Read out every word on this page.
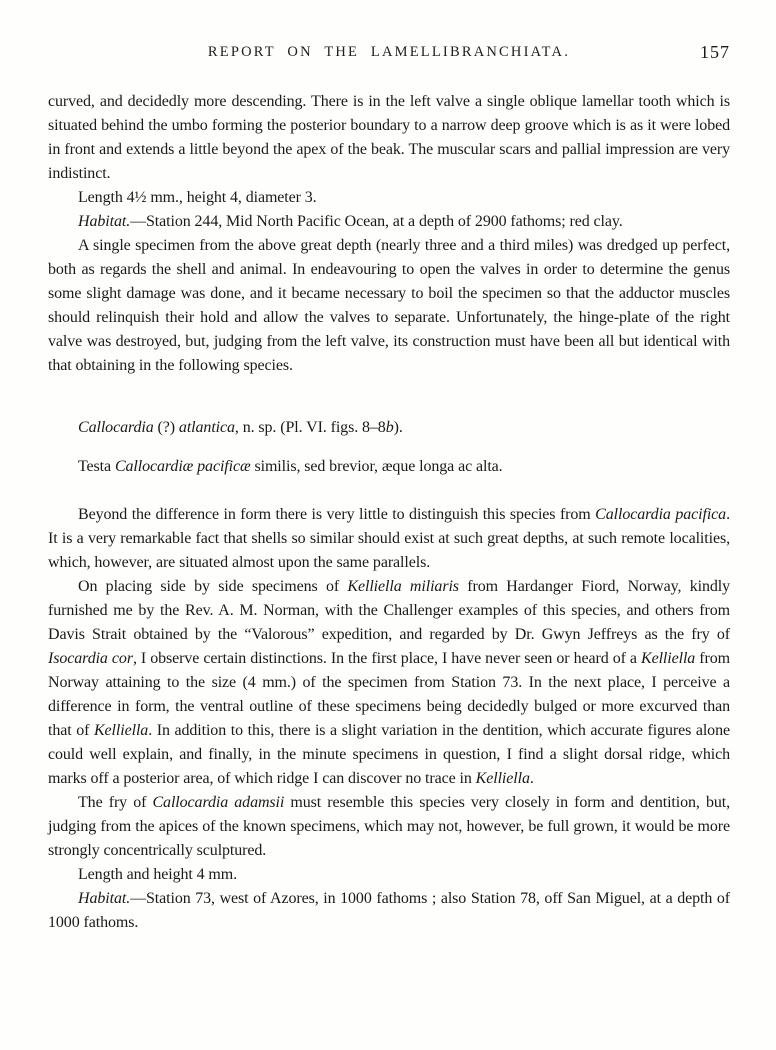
REPORT ON THE LAMELLIBRANCHIATA.	157

curved, and decidedly more descending. There is in the left valve a single oblique lamellar tooth which is situated behind the umbo forming the posterior boundary to a narrow deep groove which is as it were lobed in front and extends a little beyond the apex of the beak. The muscular scars and pallial impression are very indistinct.

Length 4½ mm., height 4, diameter 3.

Habitat.—Station 244, Mid North Pacific Ocean, at a depth of 2900 fathoms; red clay.

A single specimen from the above great depth (nearly three and a third miles) was dredged up perfect, both as regards the shell and animal. In endeavouring to open the valves in order to determine the genus some slight damage was done, and it became necessary to boil the specimen so that the adductor muscles should relinquish their hold and allow the valves to separate. Unfortunately, the hinge-plate of the right valve was destroyed, but, judging from the left valve, its construction must have been all but identical with that obtaining in the following species.

Callocardia (?) atlantica, n. sp. (Pl. VI. figs. 8–8b).

Testa Callocardiæ pacificæ similis, sed brevior, æque longa ac alta.

Beyond the difference in form there is very little to distinguish this species from Callocardia pacifica. It is a very remarkable fact that shells so similar should exist at such great depths, at such remote localities, which, however, are situated almost upon the same parallels.

On placing side by side specimens of Kelliella miliaris from Hardanger Fiord, Norway, kindly furnished me by the Rev. A. M. Norman, with the Challenger examples of this species, and others from Davis Strait obtained by the “Valorous” expedition, and regarded by Dr. Gwyn Jeffreys as the fry of Isocardia cor, I observe certain distinctions. In the first place, I have never seen or heard of a Kelliella from Norway attaining to the size (4 mm.) of the specimen from Station 73. In the next place, I perceive a difference in form, the ventral outline of these specimens being decidedly bulged or more excurved than that of Kelliella. In addition to this, there is a slight variation in the dentition, which accurate figures alone could well explain, and finally, in the minute specimens in question, I find a slight dorsal ridge, which marks off a posterior area, of which ridge I can discover no trace in Kelliella.

The fry of Callocardia adamsii must resemble this species very closely in form and dentition, but, judging from the apices of the known specimens, which may not, however, be full grown, it would be more strongly concentrically sculptured.

Length and height 4 mm.

Habitat.—Station 73, west of Azores, in 1000 fathoms ; also Station 78, off San Miguel, at a depth of 1000 fathoms.
